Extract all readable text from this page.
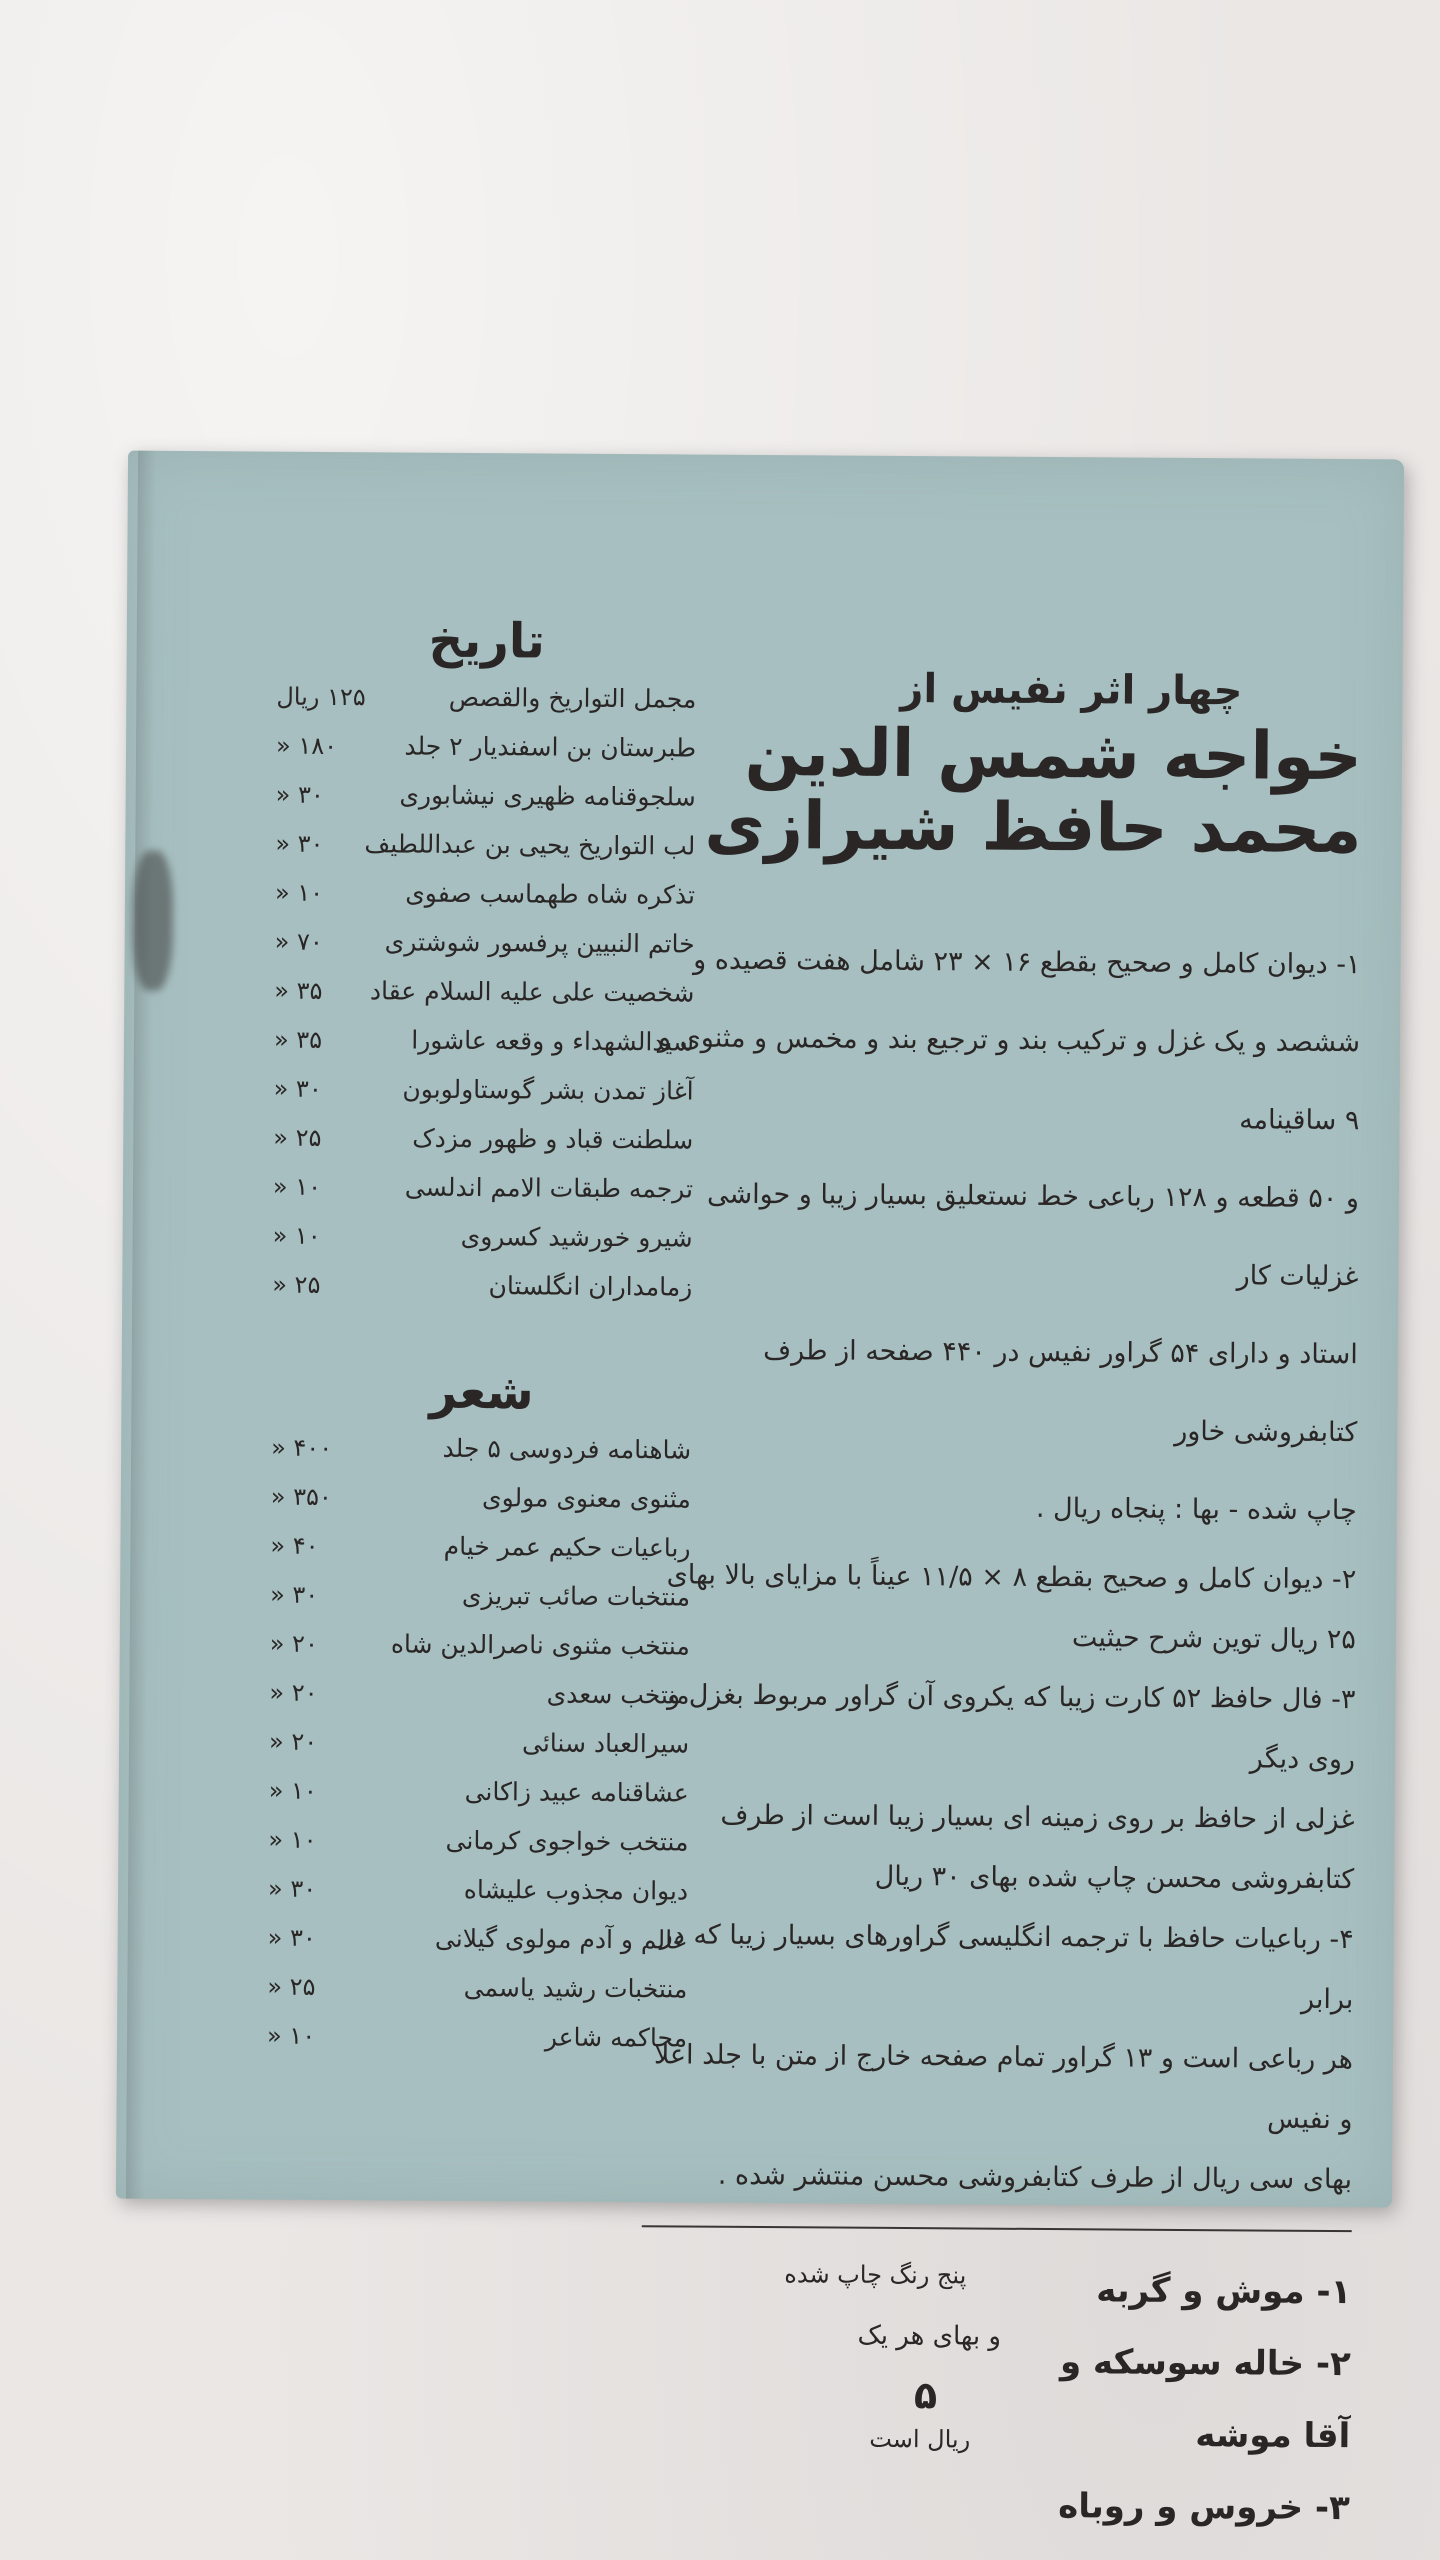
چهار اثر نفیس از
خواجه شمس الدین محمد حافظ شیرازی

۱- دیوان کامل و صحیح بقطع ۱۶ × ۲۳ شامل هفت قصیده و

ششصد و یک غزل و ترکیب بند و ترجیع بند و مخمس و مثنوی و ۹ ساقینامه

و ۵۰ قطعه و ۱۲۸ رباعی خط نستعلیق بسیار زیبا و حواشی غزلیات کار

استاد و دارای ۵۴ گراور نفیس در ۴۴۰ صفحه از طرف کتابفروشی خاور

چاپ شده - بها : پنجاه ریال .

۲- دیوان کامل و صحیح بقطع ۸ × ۱۱/۵ عیناً با مزایای بالا بهای ۲۵ ریال توین شرح حیثیت

۳- فال حافظ ۵۲ کارت زیبا که یکروی آن گراور مربوط بغزل و روی دیگر

غزلی از حافظ بر روی زمینه ای بسیار زیبا است از طرف کتابفروشی محسن چاپ شده بهای ۳۰ ریال

۴- رباعیات حافظ با ترجمه انگلیسی گراورهای بسیار زیبا که در برابر

هر رباعی است و ۱۳ گراور تمام صفحه خارج از متن با جلد اعلا و نفیس

بهای سی ریال از طرف کتابفروشی محسن منتشر شده .

۱- موش و گربه
۲- خاله سوسکه و آقا موشه
۳- خروس و روباه
پنج رنگ چاپ شده
و بهای هر یک
۵
ریال است
تاریخ
مجمل التواریخ والقصص
۱۲۵ ریال
طبرستان بن اسفندیار ۲ جلد
۱۸۰ «
سلجوقنامه ظهیری نیشابوری
۳۰ «
لب التواریخ یحیی بن عبداللطیف
۳۰ «
تذکره شاه طهماسب صفوی
۱۰ «
خاتم النبیین پرفسور شوشتری
۷۰ «
شخصیت علی علیه السلام عقاد
۳۵ «
سیدالشهداء و وقعه عاشورا
۳۵ «
آغاز تمدن بشر گوستاولوبون
۳۰ «
سلطنت قباد و ظهور مزدک
۲۵ «
ترجمه طبقات الامم اندلسی
۱۰ «
شیرو خورشید کسروی
۱۰ «
زمامداران انگلستان
۲۵ «
شعر
شاهنامه فردوسی ۵ جلد
۴۰۰ «
مثنوی معنوی مولوی
۳۵۰ «
رباعیات حکیم عمر خیام
۴۰ «
منتخبات صائب تبریزی
۳۰ «
منتخب مثنوی ناصرالدین شاه
۲۰ «
منتخب سعدی
۲۰ «
سیرالعباد سنائی
۲۰ «
عشاقنامه عبید زاکانی
۱۰ «
منتخب خواجوی کرمانی
۱۰ «
دیوان مجذوب علیشاه
۳۰ «
عالم و آدم مولوی گیلانی
۳۰ «
منتخبات رشید یاسمی
۲۵ «
محاکمه شاعر
۱۰ «
